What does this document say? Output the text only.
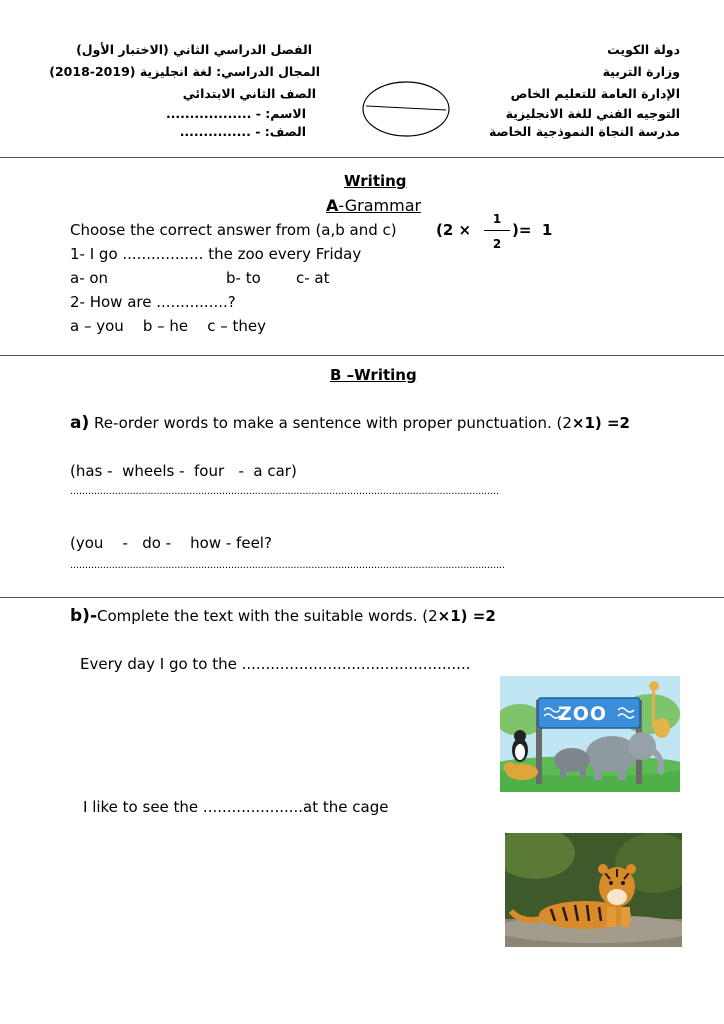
دولة الكويت
وزارة التربية
الإدارة العامة للتعليم الخاص
التوجيه الفني للغة الانجليزية
مدرسة النجاة النموذجية الخاصة
الفصل الدراسي الثاني (الاختبار الأول)
المجال الدراسي: لغة انجليزية (2019-2018)
الصف الثاني الابتدائي
الاسم: - ..................
الصف: - ...............
Writing
A-Grammar
Choose the correct answer from (a,b and c)	(2 ×
1
2
)=  1
1- I go ................. the zoo every Friday
a- on	b- to c- at
2- How are ...............?
a – you    b – he    c – they
B –Writing
a) Re-order words to make a sentence with proper punctuation. (2×1) =2
(has -  wheels -  four   -  a car)
................................................................................................................................................
(you    -   do -    how - feel?
..................................................................................................................................................
b)-Complete the text with the suitable words. (2×1) =2
Every day I go to the ................................................
ZOO
I like to see the .....................at the cage
